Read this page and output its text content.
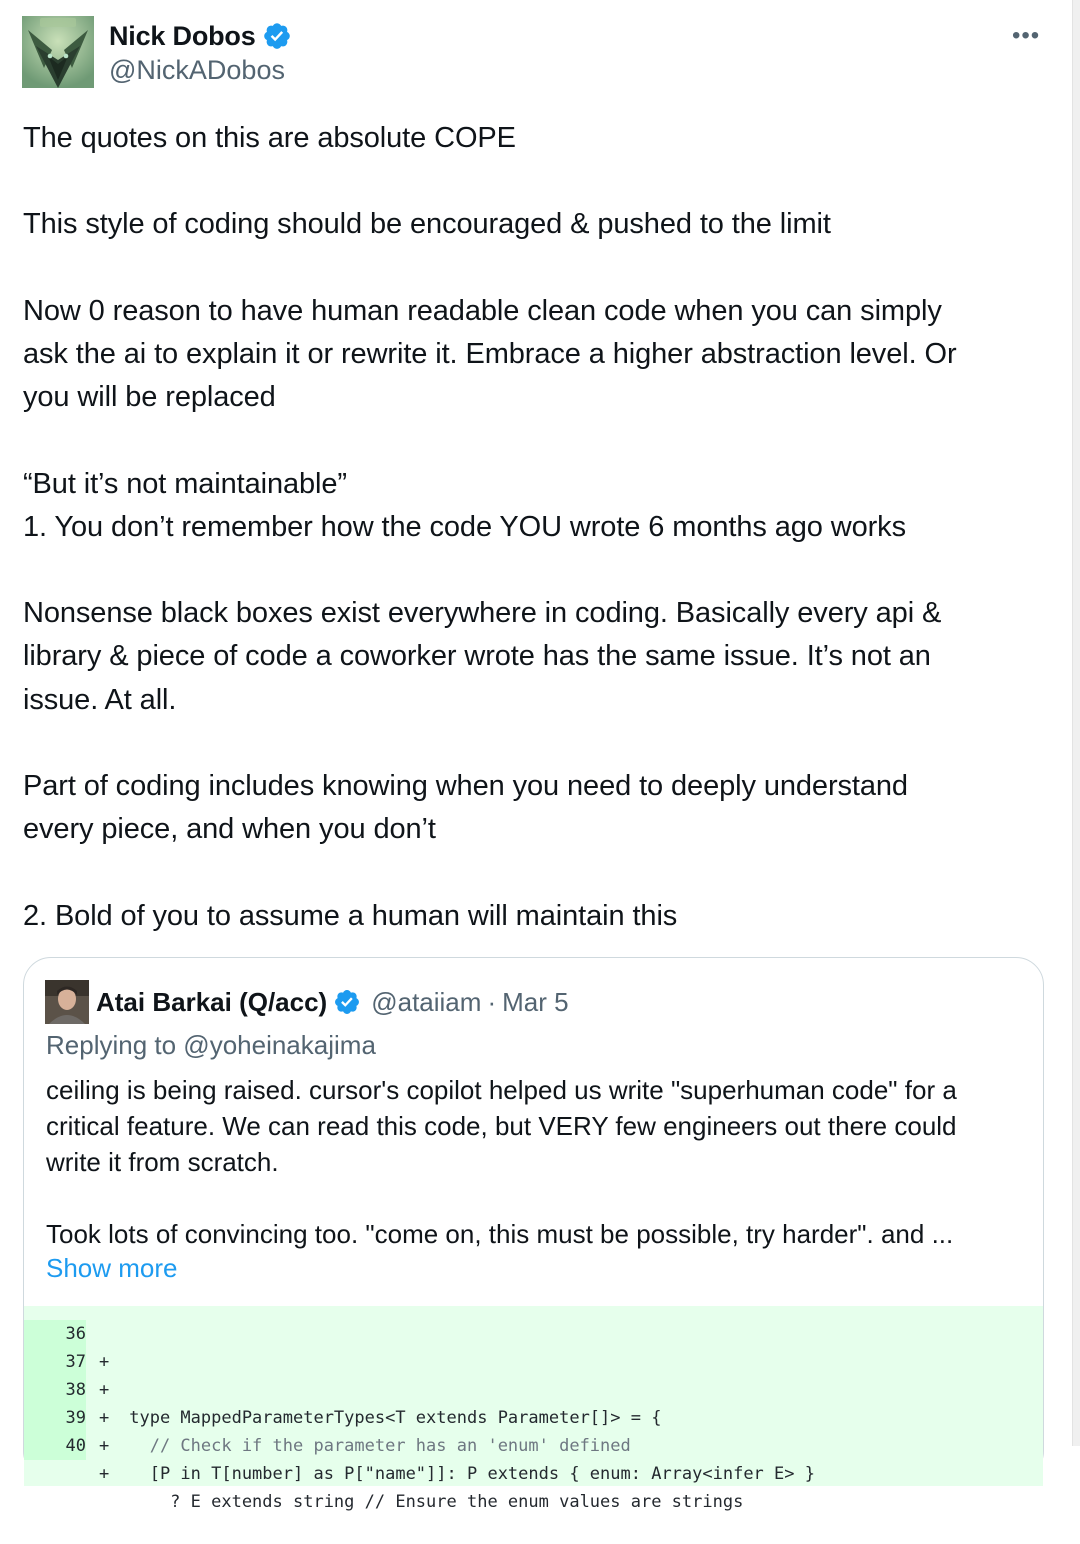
Nick Dobos
@NickADobos
•••
The quotes on this are absolute COPE

This style of coding should be encouraged & pushed to the limit

Now 0 reason to have human readable clean code when you can simply
ask the ai to explain it or rewrite it. Embrace a higher abstraction level. Or
you will be replaced

“But it’s not maintainable”
1. You don’t remember how the code YOU wrote 6 months ago works

Nonsense black boxes exist everywhere in coding. Basically every api &
library & piece of code a coworker wrote has the same issue. It’s not an
issue. At all.

Part of coding includes knowing when you need to deeply understand
every piece, and when you don’t

2. Bold of you to assume a human will maintain this
Atai Barkai (Q/acc) @ataiiam · Mar 5
Replying to @yoheinakajima
ceiling is being raised. cursor's copilot helped us write "superhuman code" for a
critical feature. We can read this code, but VERY few engineers out there could
write it from scratch.

Took lots of convincing too. "come on, this must be possible, try harder". and ...
Show more

36

+

37

+

type MappedParameterTypes<T extends Parameter[]> = {

38

+

// Check if the parameter has an 'enum' defined

39

+

[P in T[number] as P["name"]]: P extends { enum: Array<infer E> }

40

+

? E extends string // Ensure the enum values are strings
